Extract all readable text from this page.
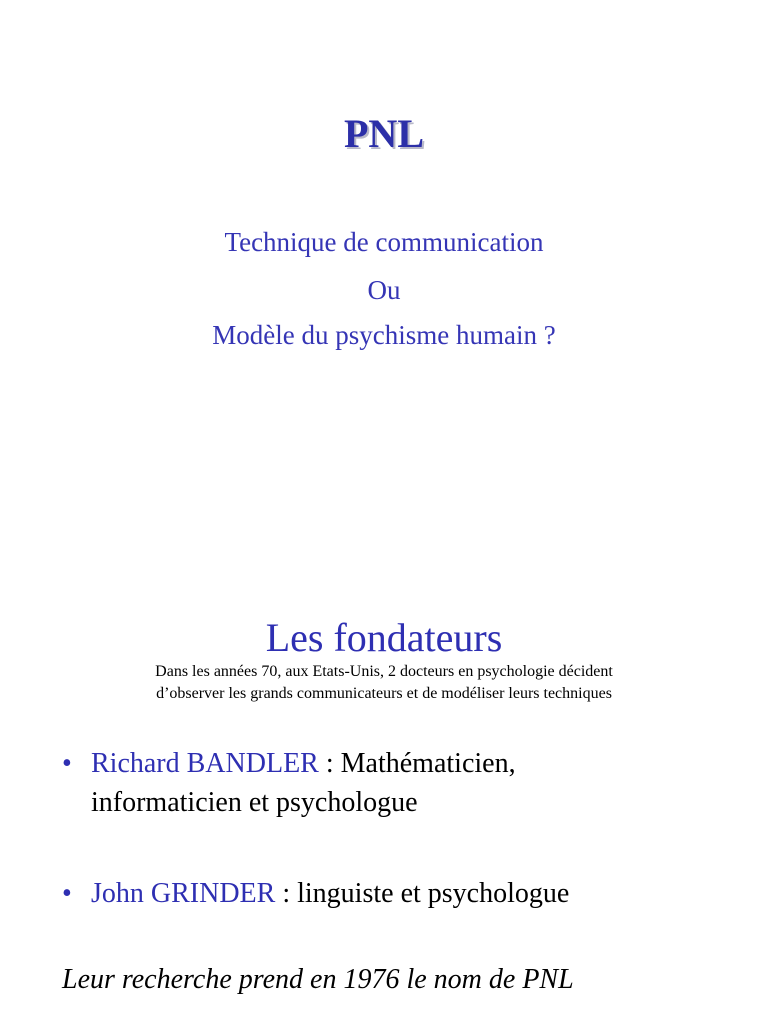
PNL
Technique de communication
Ou
Modèle du psychisme humain ?
Les fondateurs
Dans les années 70, aux Etats-Unis, 2 docteurs en psychologie décident
d’observer les grands communicateurs et de modéliser leurs techniques
• Richard BANDLER : Mathématicien,
informaticien et psychologue
• John GRINDER : linguiste et psychologue
Leur recherche prend en 1976 le nom de PNL
